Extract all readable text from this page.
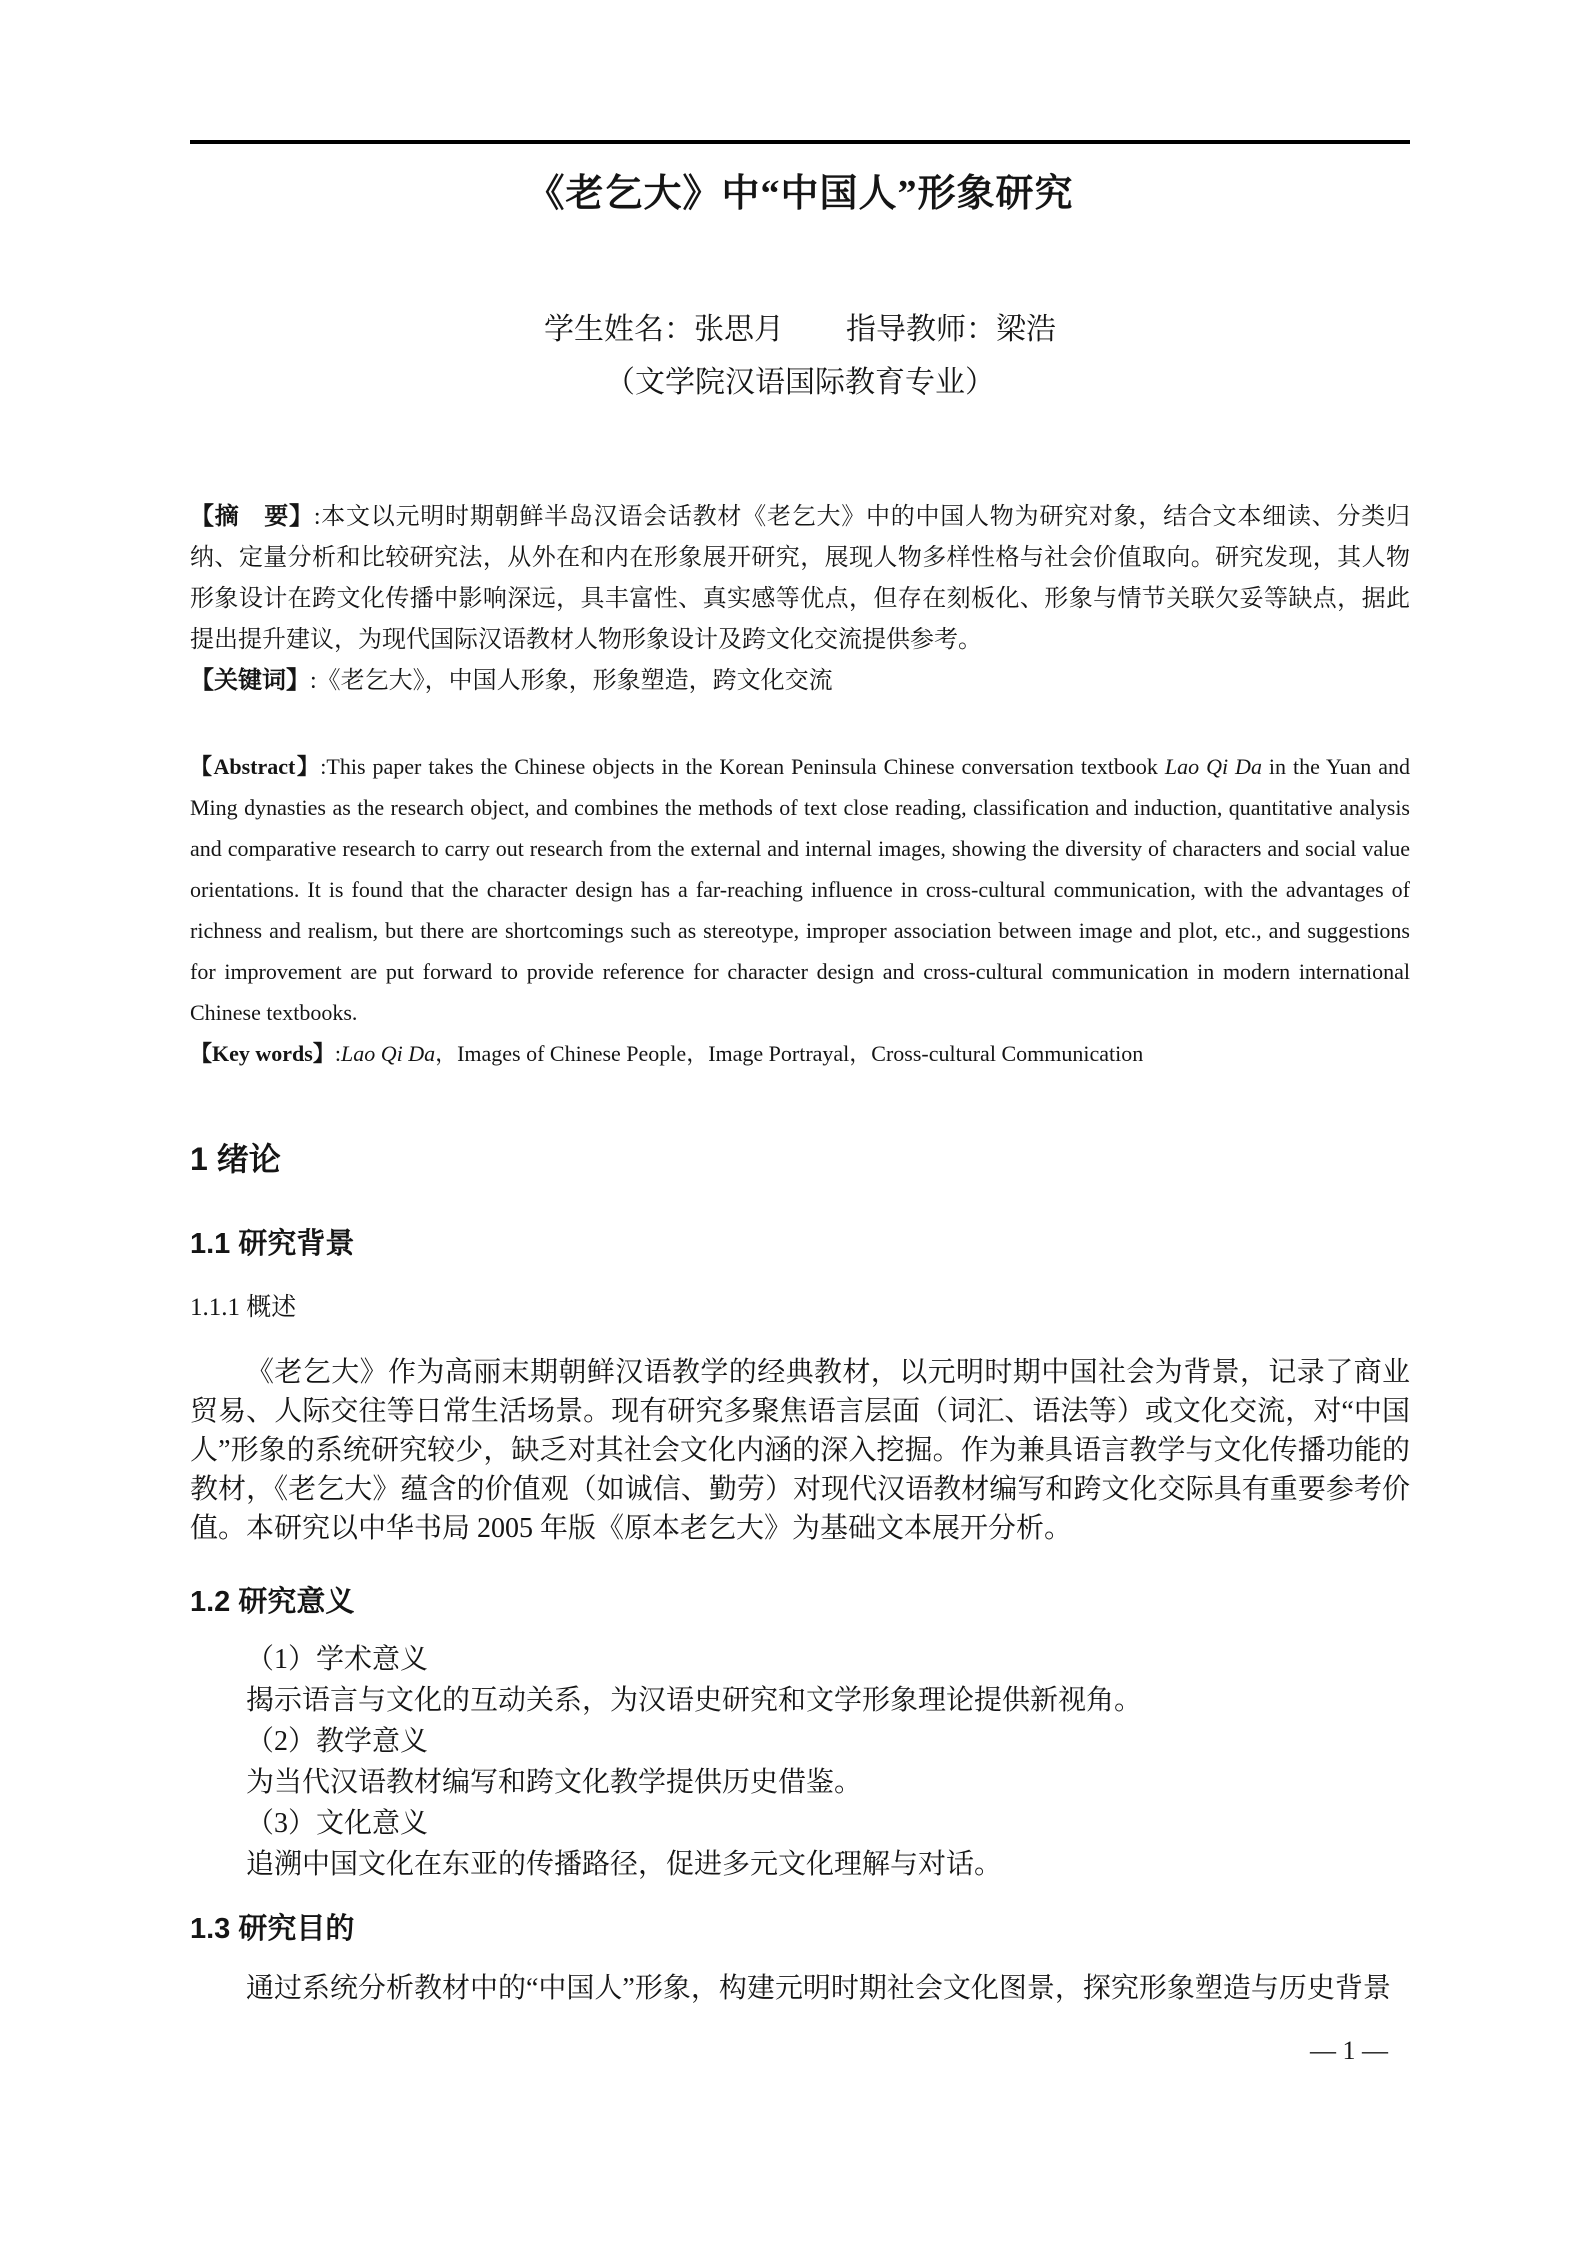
《老乞大》中“中国人”形象研究
学生姓名：张思月 指导教师：梁浩
（文学院汉语国际教育专业）

【摘　要】:本文以元明时期朝鲜半岛汉语会话教材《老乞大》中的中国人物为研究对象，结合文本细读、分类归纳、定量分析和比较研究法，从外在和内在形象展开研究，展现人物多样性格与社会价值取向。研究发现，其人物形象设计在跨文化传播中影响深远，具丰富性、真实感等优点，但存在刻板化、形象与情节关联欠妥等缺点，据此提出提升建议，为现代国际汉语教材人物形象设计及跨文化交流提供参考。

【关键词】:《老乞大》，中国人形象，形象塑造，跨文化交流

【Abstract】:This paper takes the Chinese objects in the Korean Peninsula Chinese conversation textbook Lao Qi Da in the Yuan and Ming dynasties as the research object, and combines the methods of text close reading, classification and induction, quantitative analysis and comparative research to carry out research from the external and internal images, showing the diversity of characters and social value orientations. It is found that the character design has a far-reaching influence in cross-cultural communication, with the advantages of richness and realism, but there are shortcomings such as stereotype, improper association between image and plot, etc., and suggestions for improvement are put forward to provide reference for character design and cross-cultural communication in modern international Chinese textbooks.

【Key words】:Lao Qi Da，Images of Chinese People，Image Portrayal，Cross-cultural Communication

1 绪论
1.1 研究背景
1.1.1 概述

《老乞大》作为高丽末期朝鲜汉语教学的经典教材，以元明时期中国社会为背景，记录了商业贸易、人际交往等日常生活场景。现有研究多聚焦语言层面（词汇、语法等）或文化交流，对“中国人”形象的系统研究较少，缺乏对其社会文化内涵的深入挖掘。作为兼具语言教学与文化传播功能的教材，《老乞大》蕴含的价值观（如诚信、勤劳）对现代汉语教材编写和跨文化交际具有重要参考价值。本研究以中华书局 2005 年版《原本老乞大》为基础文本展开分析。

1.2 研究意义
（1）学术意义
揭示语言与文化的互动关系，为汉语史研究和文学形象理论提供新视角。
（2）教学意义
为当代汉语教材编写和跨文化教学提供历史借鉴。
（3）文化意义
追溯中国文化在东亚的传播路径，促进多元文化理解与对话。
1.3 研究目的

通过系统分析教材中的“中国人”形象，构建元明时期社会文化图景，探究形象塑造与历史背景

— 1 —
